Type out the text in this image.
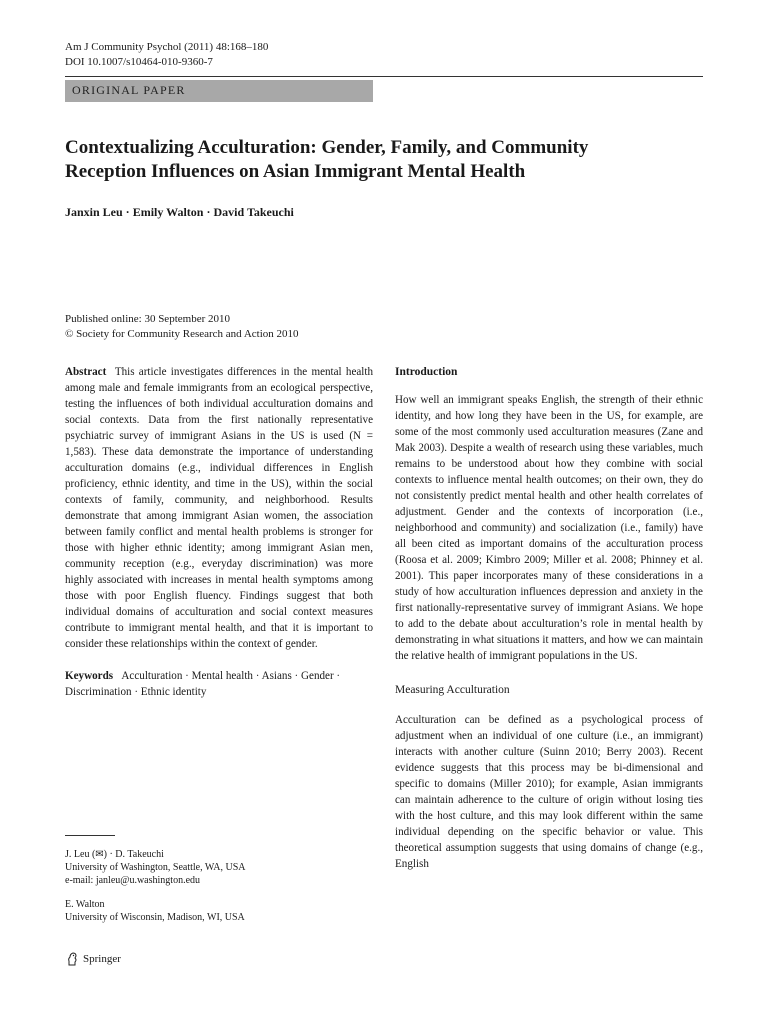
Am J Community Psychol (2011) 48:168–180
DOI 10.1007/s10464-010-9360-7
ORIGINAL PAPER
Contextualizing Acculturation: Gender, Family, and Community
Reception Influences on Asian Immigrant Mental Health
Janxin Leu · Emily Walton · David Takeuchi
Published online: 30 September 2010
© Society for Community Research and Action 2010

Abstract This article investigates differences in the mental health among male and female immigrants from an ecological perspective, testing the influences of both individual acculturation domains and social contexts. Data from the first nationally representative psychiatric survey of immigrant Asians in the US is used (N = 1,583). These data demonstrate the importance of understanding acculturation domains (e.g., individual differences in English proficiency, ethnic identity, and time in the US), within the social contexts of family, community, and neighborhood. Results demonstrate that among immigrant Asian women, the association between family conflict and mental health problems is stronger for those with higher ethnic identity; among immigrant Asian men, community reception (e.g., everyday discrimination) was more highly associated with increases in mental health symptoms among those with poor English fluency. Findings suggest that both individual domains of acculturation and social context measures contribute to immigrant mental health, and that it is important to consider these relationships within the context of gender.

Keywords Acculturation · Mental health · Asians · Gender · Discrimination · Ethnic identity
Introduction

How well an immigrant speaks English, the strength of their ethnic identity, and how long they have been in the US, for example, are some of the most commonly used acculturation measures (Zane and Mak 2003). Despite a wealth of research using these variables, much remains to be understood about how they combine with social contexts to influence mental health outcomes; on their own, they do not consistently predict mental health and other health correlates of adjustment. Gender and the contexts of incorporation (i.e., neighborhood and community) and socialization (i.e., family) have all been cited as important domains of the acculturation process (Roosa et al. 2009; Kimbro 2009; Miller et al. 2008; Phinney et al. 2001). This paper incorporates many of these considerations in a study of how acculturation influences depression and anxiety in the first nationally-representative survey of immigrant Asians. We hope to add to the debate about acculturation’s role in mental health by demonstrating in what situations it matters, and how we can maintain the relative health of immigrant populations in the US.

Measuring Acculturation

Acculturation can be defined as a psychological process of adjustment when an individual of one culture (i.e., an immigrant) interacts with another culture (Suinn 2010; Berry 2003). Recent evidence suggests that this process may be bi-dimensional and specific to domains (Miller 2010); for example, Asian immigrants can maintain adherence to the culture of origin without losing ties with the host culture, and this may look different within the same individual depending on the specific behavior or value. This theoretical assumption suggests that using domains of change (e.g., English

J. Leu (✉) · D. Takeuchi
University of Washington, Seattle, WA, USA
e-mail: janleu@u.washington.edu
E. Walton
University of Wisconsin, Madison, WI, USA
Springer
